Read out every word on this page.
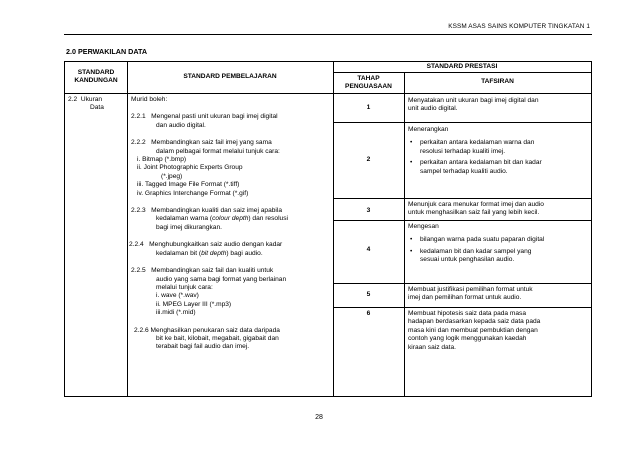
KSSM ASAS SAINS KOMPUTER TINGKATAN 1
2.0 PERWAKILAN DATA
STANDARD
KANDUNGAN
STANDARD PEMBELAJARAN
STANDARD PRESTASI
TAHAP
PENGUASAAN
TAFSIRAN
2.2 Ukuran
Data
Murid boleh:
2.2.1 Mengenal pasti unit ukuran bagi imej digital
dan audio digital.
2.2.2 Membandingkan saiz fail imej yang sama
dalam pelbagai format melalui tunjuk cara:
i. Bitmap (*.bmp)
ii. Joint Photographic Experts Group
(*.jpeg)
iii. Tagged Image File Format (*.tiff)
iv. Graphics Interchange Format (*.gif)
2.2.3 Membandingkan kualiti dan saiz imej apabila
kedalaman warna (colour depth) dan resolusi
bagi imej dikurangkan.
2.2.4 Menghubungkaitkan saiz audio dengan kadar
kedalaman bit (bit depth) bagi audio.
2.2.5 Membandingkan saiz fail dan kualiti untuk
audio yang sama bagi format yang berlainan
melalui tunjuk cara:
i. wave (*.wav)
ii. MPEG Layer III (*.mp3)
iii.midi (*.mid)
2.2.6 Menghasilkan penukaran saiz data daripada
bit ke bait, kilobait, megabait, gigabait dan
terabait bagi fail audio dan imej.
1
Menyatakan unit ukuran bagi imej digital dan
unit audio digital.
2
Menerangkan
• perkaitan antara kedalaman warna dan
resolusi terhadap kualiti imej.
• perkaitan antara kedalaman bit dan kadar
sampel terhadap kualiti audio.
3
Menunjuk cara menukar format imej dan audio
untuk menghasilkan saiz fail yang lebih kecil.
4
Mengesan
• bilangan warna pada suatu paparan digital
• kedalaman bit dan kadar sampel yang
sesuai untuk penghasilan audio.
5
Membuat justifikasi pemilihan format untuk
imej dan pemilihan format untuk audio.
6	Membuat hipotesis saiz data pada masa
hadapan berdasarkan kepada saiz data pada
masa kini dan membuat pembuktian dengan
contoh yang logik menggunakan kaedah
kiraan saiz data.
28
